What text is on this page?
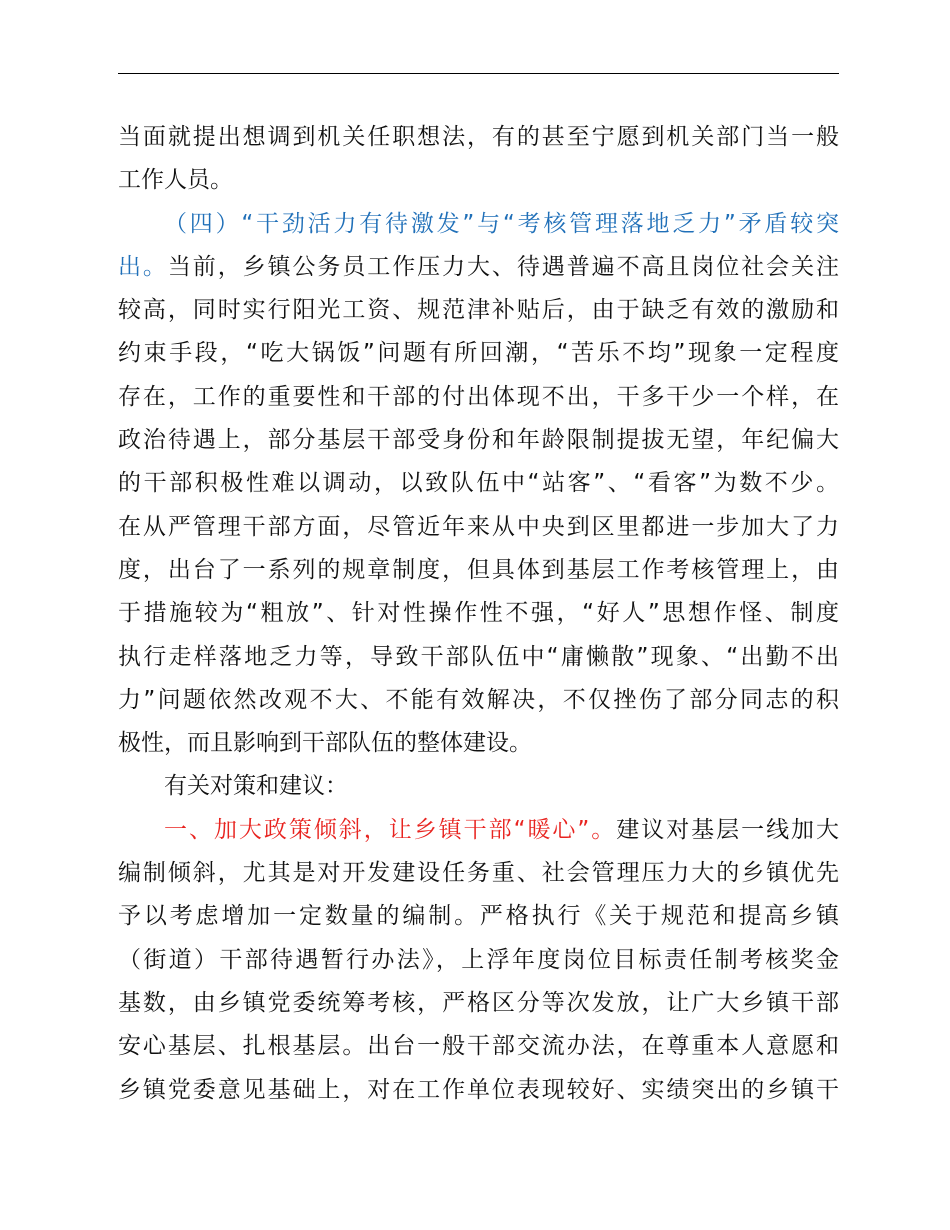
当面就提出想调到机关任职想法，有的甚至宁愿到机关部门当一般
工作人员。
（四）“干劲活力有待激发”与“考核管理落地乏力”矛盾较突
出。当前，乡镇公务员工作压力大、待遇普遍不高且岗位社会关注
较高，同时实行阳光工资、规范津补贴后，由于缺乏有效的激励和
约束手段，“吃大锅饭”问题有所回潮，“苦乐不均”现象一定程度
存在，工作的重要性和干部的付出体现不出，干多干少一个样，在
政治待遇上，部分基层干部受身份和年龄限制提拔无望，年纪偏大
的干部积极性难以调动，以致队伍中“站客”、“看客”为数不少。
在从严管理干部方面，尽管近年来从中央到区里都进一步加大了力
度，出台了一系列的规章制度，但具体到基层工作考核管理上，由
于措施较为“粗放”、针对性操作性不强，“好人”思想作怪、制度
执行走样落地乏力等，导致干部队伍中“庸懒散”现象、“出勤不出
力”问题依然改观不大、不能有效解决，不仅挫伤了部分同志的积
极性，而且影响到干部队伍的整体建设。
有关对策和建议：
一、加大政策倾斜，让乡镇干部“暖心”。建议对基层一线加大
编制倾斜，尤其是对开发建设任务重、社会管理压力大的乡镇优先
予以考虑增加一定数量的编制。严格执行《关于规范和提高乡镇
（街道）干部待遇暂行办法》，上浮年度岗位目标责任制考核奖金
基数，由乡镇党委统筹考核，严格区分等次发放，让广大乡镇干部
安心基层、扎根基层。出台一般干部交流办法，在尊重本人意愿和
乡镇党委意见基础上，对在工作单位表现较好、实绩突出的乡镇干
